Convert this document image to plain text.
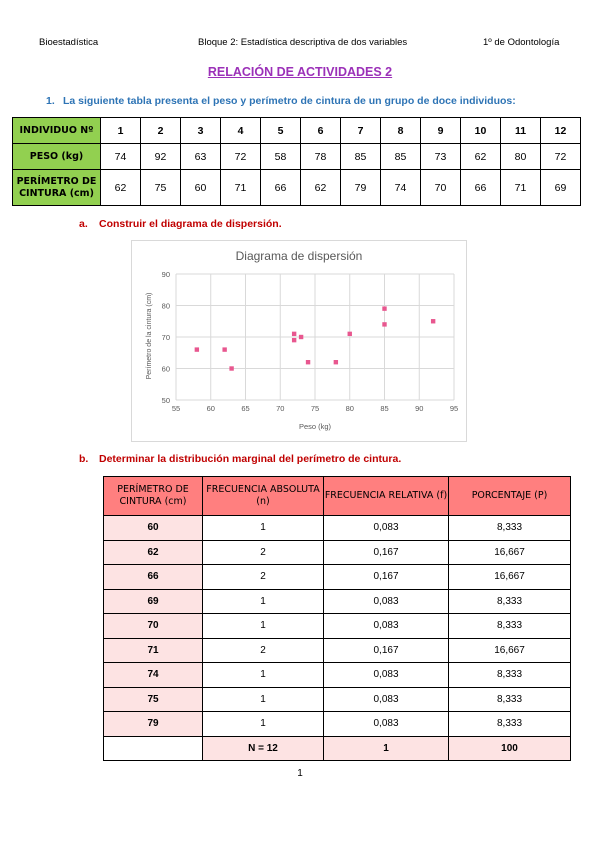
Bioestadística	Bloque 2: Estadística descriptiva de dos variables	1º de Odontología
RELACIÓN DE ACTIVIDADES 2
1. La siguiente tabla presenta el peso y perímetro de cintura de un grupo de doce individuos:
INDIVIDUO Nº	1	2	3	4	5	6	7	8	9	10	11	12
PESO (kg)	74	92	63	72	58	78	85	85	73	62	80	72
PERÍMETRO DE CINTURA (cm)	62	75	60	71	66	62	79	74	70	66	71	69
a. Construir el diagrama de dispersión.
Diagrama de dispersión
50
60
70
80
90
55	60	65	70	75	80	85	90	95
Peso (kg)
Perímetro de la cintura (cm)
b. Determinar la distribución marginal del perímetro de cintura.
PERÍMETRO DE CINTURA (cm)	FRECUENCIA ABSOLUTA (n)	FRECUENCIA RELATIVA (f)	PORCENTAJE (P)
60	1	0,083	8,333
62	2	0,167	16,667
66	2	0,167	16,667
69	1	0,083	8,333
70	1	0,083	8,333
71	2	0,167	16,667
74	1	0,083	8,333
75	1	0,083	8,333
79	1	0,083	8,333
	N = 12	1	100
1
